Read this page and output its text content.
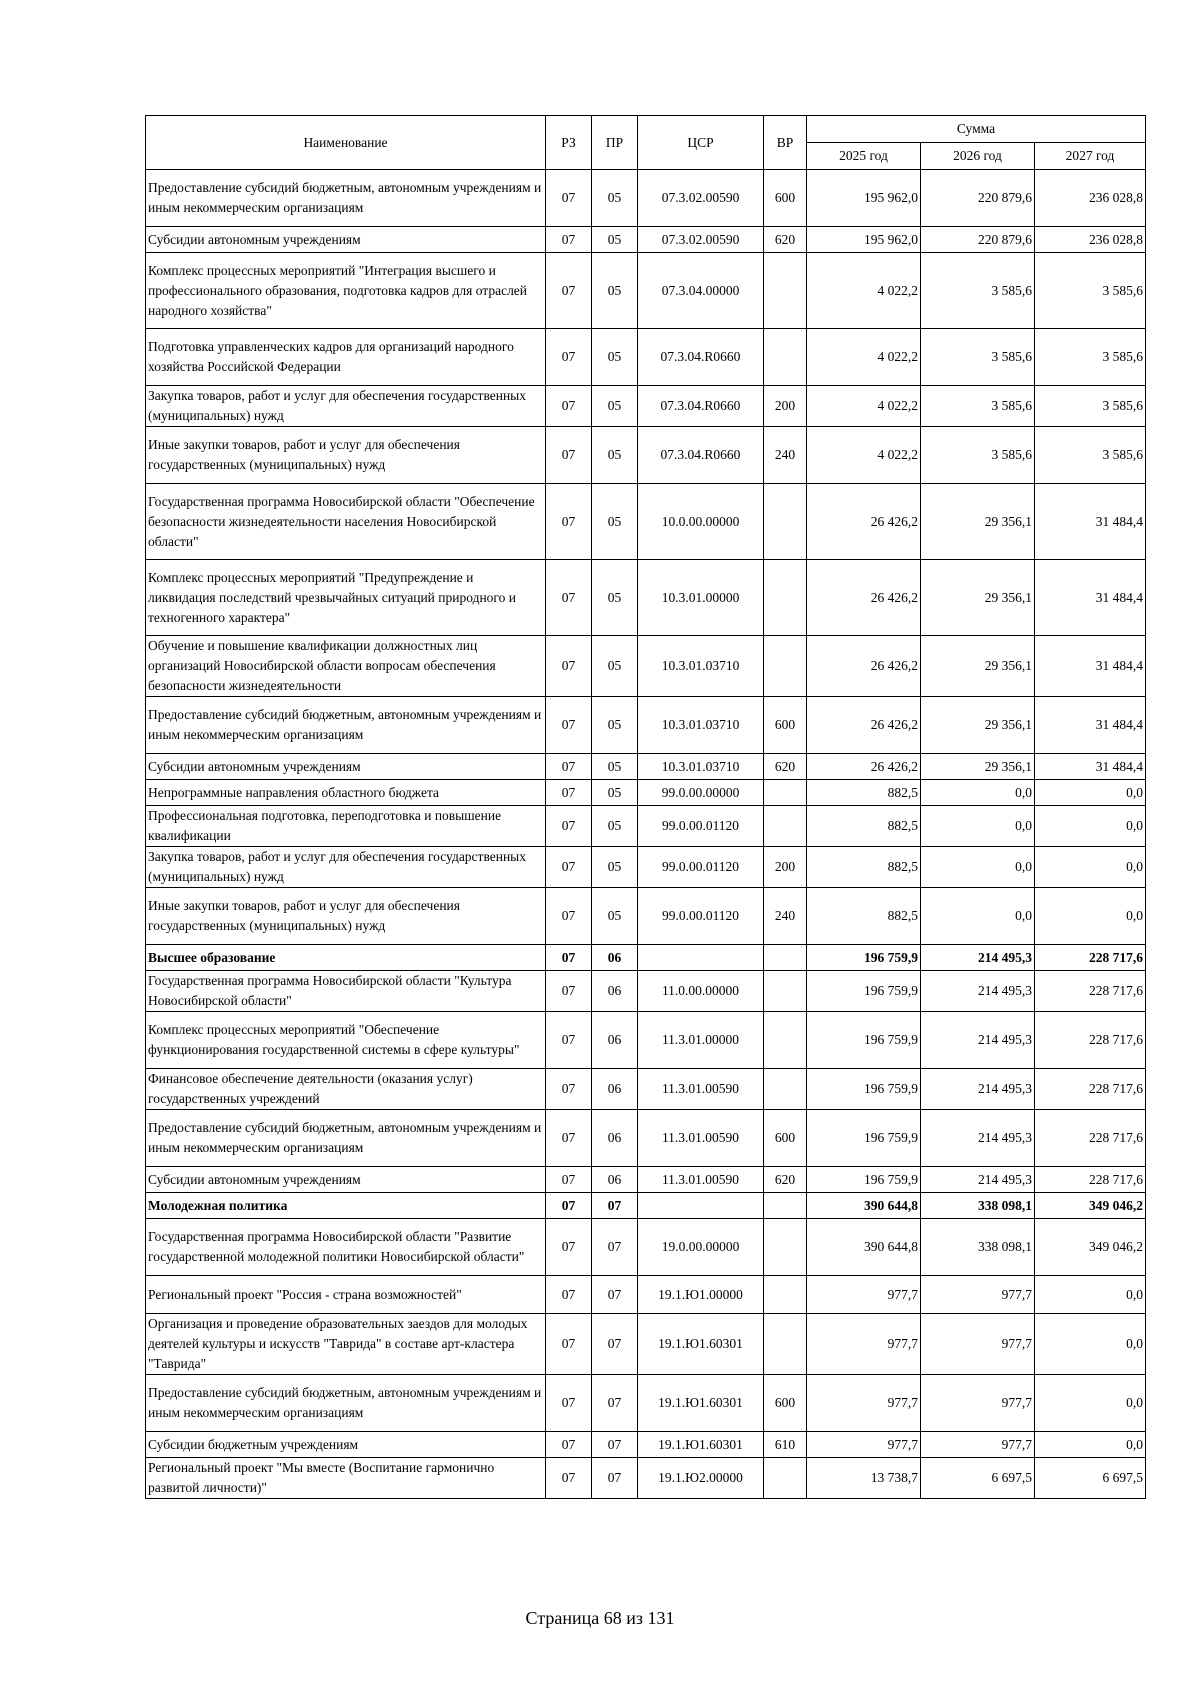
Наименование	РЗ	ПР	ЦСР	ВР	Сумма		
					2025 год	2026 год	2027 год
Предоставление субсидий бюджетным, автономным учреждениям и иным некоммерческим организациям	07	05	07.3.02.00590	600	195 962,0	220 879,6	236 028,8
Субсидии автономным учреждениям	07	05	07.3.02.00590	620	195 962,0	220 879,6	236 028,8
Комплекс процессных мероприятий "Интеграция высшего и профессионального образования, подготовка кадров для отраслей народного хозяйства"	07	05	07.3.04.00000		4 022,2	3 585,6	3 585,6
Подготовка управленческих кадров для организаций народного хозяйства Российской Федерации	07	05	07.3.04.R0660		4 022,2	3 585,6	3 585,6
Закупка товаров, работ и услуг для обеспечения государственных (муниципальных) нужд	07	05	07.3.04.R0660	200	4 022,2	3 585,6	3 585,6
Иные закупки товаров, работ и услуг для обеспечения государственных (муниципальных) нужд	07	05	07.3.04.R0660	240	4 022,2	3 585,6	3 585,6
Государственная программа Новосибирской области "Обеспечение безопасности жизнедеятельности населения Новосибирской области"	07	05	10.0.00.00000		26 426,2	29 356,1	31 484,4
Комплекс процессных мероприятий "Предупреждение и ликвидация последствий чрезвычайных ситуаций природного и техногенного характера"	07	05	10.3.01.00000		26 426,2	29 356,1	31 484,4
Обучение и повышение квалификации должностных лиц организаций Новосибирской области вопросам обеспечения безопасности жизнедеятельности	07	05	10.3.01.03710		26 426,2	29 356,1	31 484,4
Предоставление субсидий бюджетным, автономным учреждениям и иным некоммерческим организациям	07	05	10.3.01.03710	600	26 426,2	29 356,1	31 484,4
Субсидии автономным учреждениям	07	05	10.3.01.03710	620	26 426,2	29 356,1	31 484,4
Непрограммные направления областного бюджета	07	05	99.0.00.00000		882,5	0,0	0,0
Профессиональная подготовка, переподготовка и повышение квалификации	07	05	99.0.00.01120		882,5	0,0	0,0
Закупка товаров, работ и услуг для обеспечения государственных (муниципальных) нужд	07	05	99.0.00.01120	200	882,5	0,0	0,0
Иные закупки товаров, работ и услуг для обеспечения государственных (муниципальных) нужд	07	05	99.0.00.01120	240	882,5	0,0	0,0
Высшее образование	07	06			196 759,9	214 495,3	228 717,6
Государственная программа Новосибирской области "Культура Новосибирской области"	07	06	11.0.00.00000		196 759,9	214 495,3	228 717,6
Комплекс процессных мероприятий "Обеспечение функционирования государственной системы в сфере культуры"	07	06	11.3.01.00000		196 759,9	214 495,3	228 717,6
Финансовое обеспечение деятельности (оказания услуг) государственных учреждений	07	06	11.3.01.00590		196 759,9	214 495,3	228 717,6
Предоставление субсидий бюджетным, автономным учреждениям и иным некоммерческим организациям	07	06	11.3.01.00590	600	196 759,9	214 495,3	228 717,6
Субсидии автономным учреждениям	07	06	11.3.01.00590	620	196 759,9	214 495,3	228 717,6
Молодежная политика	07	07			390 644,8	338 098,1	349 046,2
Государственная программа Новосибирской области "Развитие государственной молодежной политики Новосибирской области"	07	07	19.0.00.00000		390 644,8	338 098,1	349 046,2
Региональный проект "Россия - страна возможностей"	07	07	19.1.Ю1.00000		977,7	977,7	0,0
Организация и проведение образовательных заездов для молодых деятелей культуры и искусств "Таврида" в составе арт-кластера "Таврида"	07	07	19.1.Ю1.60301		977,7	977,7	0,0
Предоставление субсидий бюджетным, автономным учреждениям и иным некоммерческим организациям	07	07	19.1.Ю1.60301	600	977,7	977,7	0,0
Субсидии бюджетным учреждениям	07	07	19.1.Ю1.60301	610	977,7	977,7	0,0
Региональный проект "Мы вместе (Воспитание гармонично развитой личности)"	07	07	19.1.Ю2.00000		13 738,7	6 697,5	6 697,5
Страница 68 из 131
